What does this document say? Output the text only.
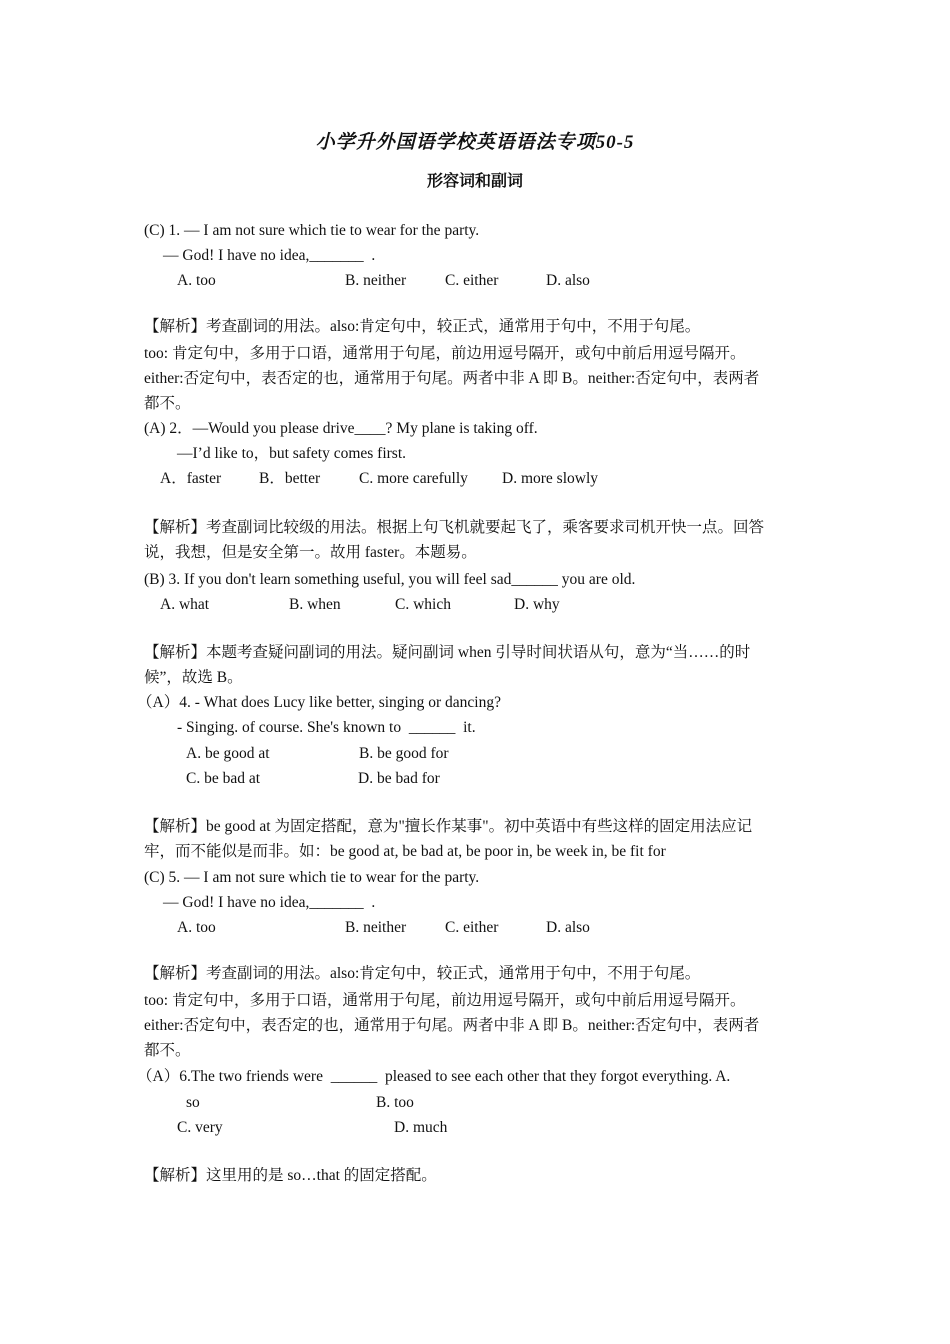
小学升外国语学校英语语法专项50-5
形容词和副词
(C) 1. — I am not sure which tie to wear for the party.
— God! I have no idea,_______  .
A. too	B. neither	C. either	D. also
【解析】考查副词的用法。also:肯定句中，较正式，通常用于句中，不用于句尾。
too: 肯定句中，多用于口语，通常用于句尾，前边用逗号隔开，或句中前后用逗号隔开。
either:否定句中，表否定的也，通常用于句尾。两者中非 A 即 B。neither:否定句中，表两者
都不。
(A) 2．—Would you please drive____? My plane is taking off.
—I’d like to，but safety comes first.
A．faster B．better	C. more carefully D. more slowly
【解析】考查副词比较级的用法。根据上句飞机就要起飞了，乘客要求司机开快一点。回答
说，我想，但是安全第一。故用 faster。本题易。
(B) 3. If you don't learn something useful, you will feel sad______ you are old.
A. what	B. when	C. which	D. why
【解析】本题考查疑问副词的用法。疑问副词 when 引导时间状语从句，意为“当……的时
候”，故选 B。
（A）4. - What does Lucy like better, singing or dancing?
- Singing. of course. She's known to  ______  it.
A. be good at	B. be good for
C. be bad at	D. be bad for
【解析】be good at 为固定搭配，意为"擅长作某事"。初中英语中有些这样的固定用法应记
牢，而不能似是而非。如：be good at, be bad at, be poor in, be week in, be fit for
(C) 5. — I am not sure which tie to wear for the party.
— God! I have no idea,_______  .
A. too	B. neither	C. either	D. also
【解析】考查副词的用法。also:肯定句中，较正式，通常用于句中，不用于句尾。
too: 肯定句中，多用于口语，通常用于句尾，前边用逗号隔开，或句中前后用逗号隔开。
either:否定句中，表否定的也，通常用于句尾。两者中非 A 即 B。neither:否定句中，表两者
都不。
（A）6.The two friends were  ______  pleased to see each other that they forgot everything. A.
so	B. too
C. very	D. much
【解析】这里用的是 so…that 的固定搭配。
